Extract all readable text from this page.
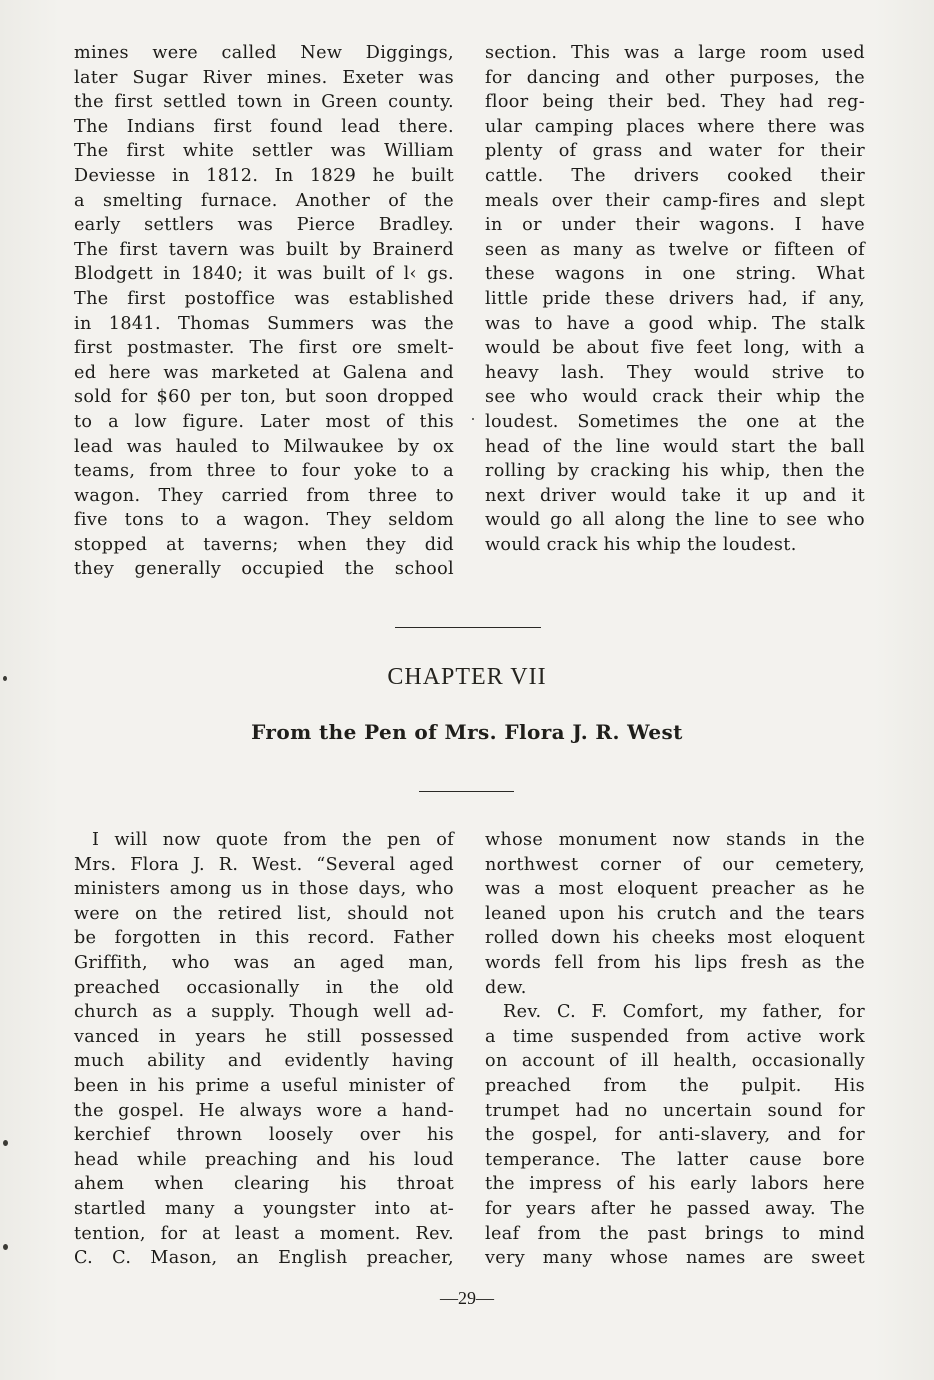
mines were called New Diggings,

later Sugar River mines. Exeter was

the first settled town in Green county.

The Indians first found lead there.

The first white settler was William

Deviesse in 1812. In 1829 he built

a smelting furnace. Another of the

early settlers was Pierce Bradley.

The first tavern was built by Brainerd

Blodgett in 1840; it was built of l‹ gs.

The first postoffice was established

in 1841. Thomas Summers was the

first postmaster. The first ore smelt-

ed here was marketed at Galena and

sold for $60 per ton, but soon dropped

to a low figure. Later most of this

lead was hauled to Milwaukee by ox

teams, from three to four yoke to a

wagon. They carried from three to

five tons to a wagon. They seldom

stopped at taverns; when they did

they generally occupied the school

section. This was a large room used

for dancing and other purposes, the

floor being their bed. They had reg-

ular camping places where there was

plenty of grass and water for their

cattle. The drivers cooked their

meals over their camp-fires and slept

in or under their wagons. I have

seen as many as twelve or fifteen of

these wagons in one string. What

little pride these drivers had, if any,

was to have a good whip. The stalk

would be about five feet long, with a

heavy lash. They would strive to

see who would crack their whip the

loudest. Sometimes the one at the

head of the line would start the ball

rolling by cracking his whip, then the

next driver would take it up and it

would go all along the line to see who

would crack his whip the loudest.

CHAPTER VII
From the Pen of Mrs. Flora J. R. West

I will now quote from the pen of

Mrs. Flora J. R. West. “Several aged

ministers among us in those days, who

were on the retired list, should not

be forgotten in this record. Father

Griffith, who was an aged man,

preached occasionally in the old

church as a supply. Though well ad-

vanced in years he still possessed

much ability and evidently having

been in his prime a useful minister of

the gospel. He always wore a hand-

kerchief thrown loosely over his

head while preaching and his loud

ahem when clearing his throat

startled many a youngster into at-

tention, for at least a moment. Rev.

C. C. Mason, an English preacher,

whose monument now stands in the

northwest corner of our cemetery,

was a most eloquent preacher as he

leaned upon his crutch and the tears

rolled down his cheeks most eloquent

words fell from his lips fresh as the

dew.

Rev. C. F. Comfort, my father, for

a time suspended from active work

on account of ill health, occasionally

preached from the pulpit. His

trumpet had no uncertain sound for

the gospel, for anti-slavery, and for

temperance. The latter cause bore

the impress of his early labors here

for years after he passed away. The

leaf from the past brings to mind

very many whose names are sweet

—29—
